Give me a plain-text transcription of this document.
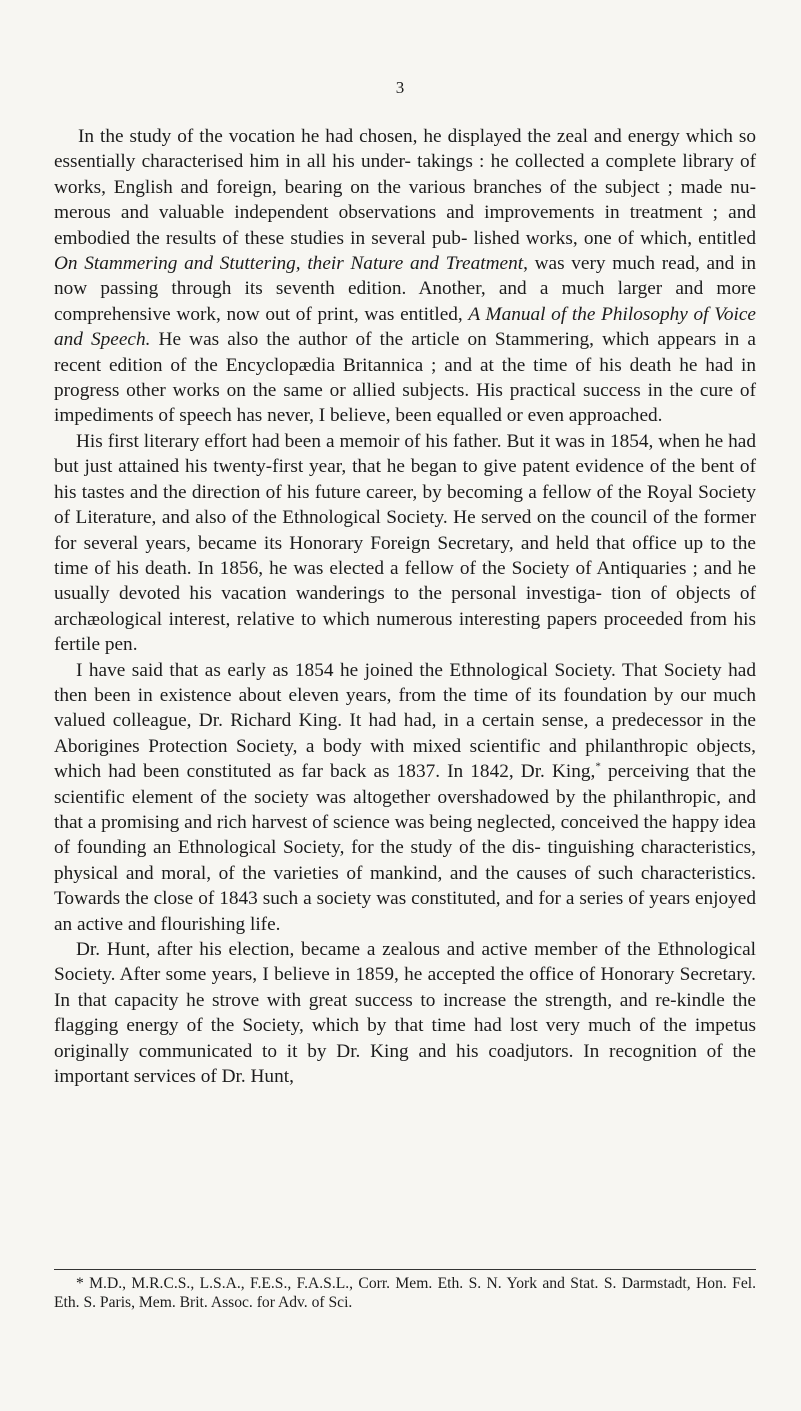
3

In the study of the vocation he had chosen, he displayed the zeal and energy which so essentially characterised him in all his under- takings : he collected a complete library of works, English and foreign, bearing on the various branches of the subject ; made nu- merous and valuable independent observations and improvements in treatment ; and embodied the results of these studies in several pub- lished works, one of which, entitled On Stammering and Stuttering, their Nature and Treatment, was very much read, and in now passing through its seventh edition. Another, and a much larger and more comprehensive work, now out of print, was entitled, A Manual of the Philosophy of Voice and Speech. He was also the author of the article on Stammering, which appears in a recent edition of the Encyclopædia Britannica ; and at the time of his death he had in progress other works on the same or allied subjects. His practical success in the cure of impediments of speech has never, I believe, been equalled or even approached.

His first literary effort had been a memoir of his father. But it was in 1854, when he had but just attained his twenty-first year, that he began to give patent evidence of the bent of his tastes and the direction of his future career, by becoming a fellow of the Royal Society of Literature, and also of the Ethnological Society. He served on the council of the former for several years, became its Honorary Foreign Secretary, and held that office up to the time of his death. In 1856, he was elected a fellow of the Society of Antiquaries ; and he usually devoted his vacation wanderings to the personal investiga- tion of objects of archæological interest, relative to which numerous interesting papers proceeded from his fertile pen.

I have said that as early as 1854 he joined the Ethnological Society. That Society had then been in existence about eleven years, from the time of its foundation by our much valued colleague, Dr. Richard King. It had had, in a certain sense, a predecessor in the Aborigines Protection Society, a body with mixed scientific and philanthropic objects, which had been constituted as far back as 1837. In 1842, Dr. King,* perceiving that the scientific element of the society was altogether overshadowed by the philanthropic, and that a promising and rich harvest of science was being neglected, conceived the happy idea of founding an Ethnological Society, for the study of the dis- tinguishing characteristics, physical and moral, of the varieties of mankind, and the causes of such characteristics. Towards the close of 1843 such a society was constituted, and for a series of years enjoyed an active and flourishing life.

Dr. Hunt, after his election, became a zealous and active member of the Ethnological Society. After some years, I believe in 1859, he accepted the office of Honorary Secretary. In that capacity he strove with great success to increase the strength, and re-kindle the flagging energy of the Society, which by that time had lost very much of the impetus originally communicated to it by Dr. King and his coadjutors. In recognition of the important services of Dr. Hunt,

* M.D., M.R.C.S., L.S.A., F.E.S., F.A.S.L., Corr. Mem. Eth. S. N. York and Stat. S. Darmstadt, Hon. Fel. Eth. S. Paris, Mem. Brit. Assoc. for Adv. of Sci.
